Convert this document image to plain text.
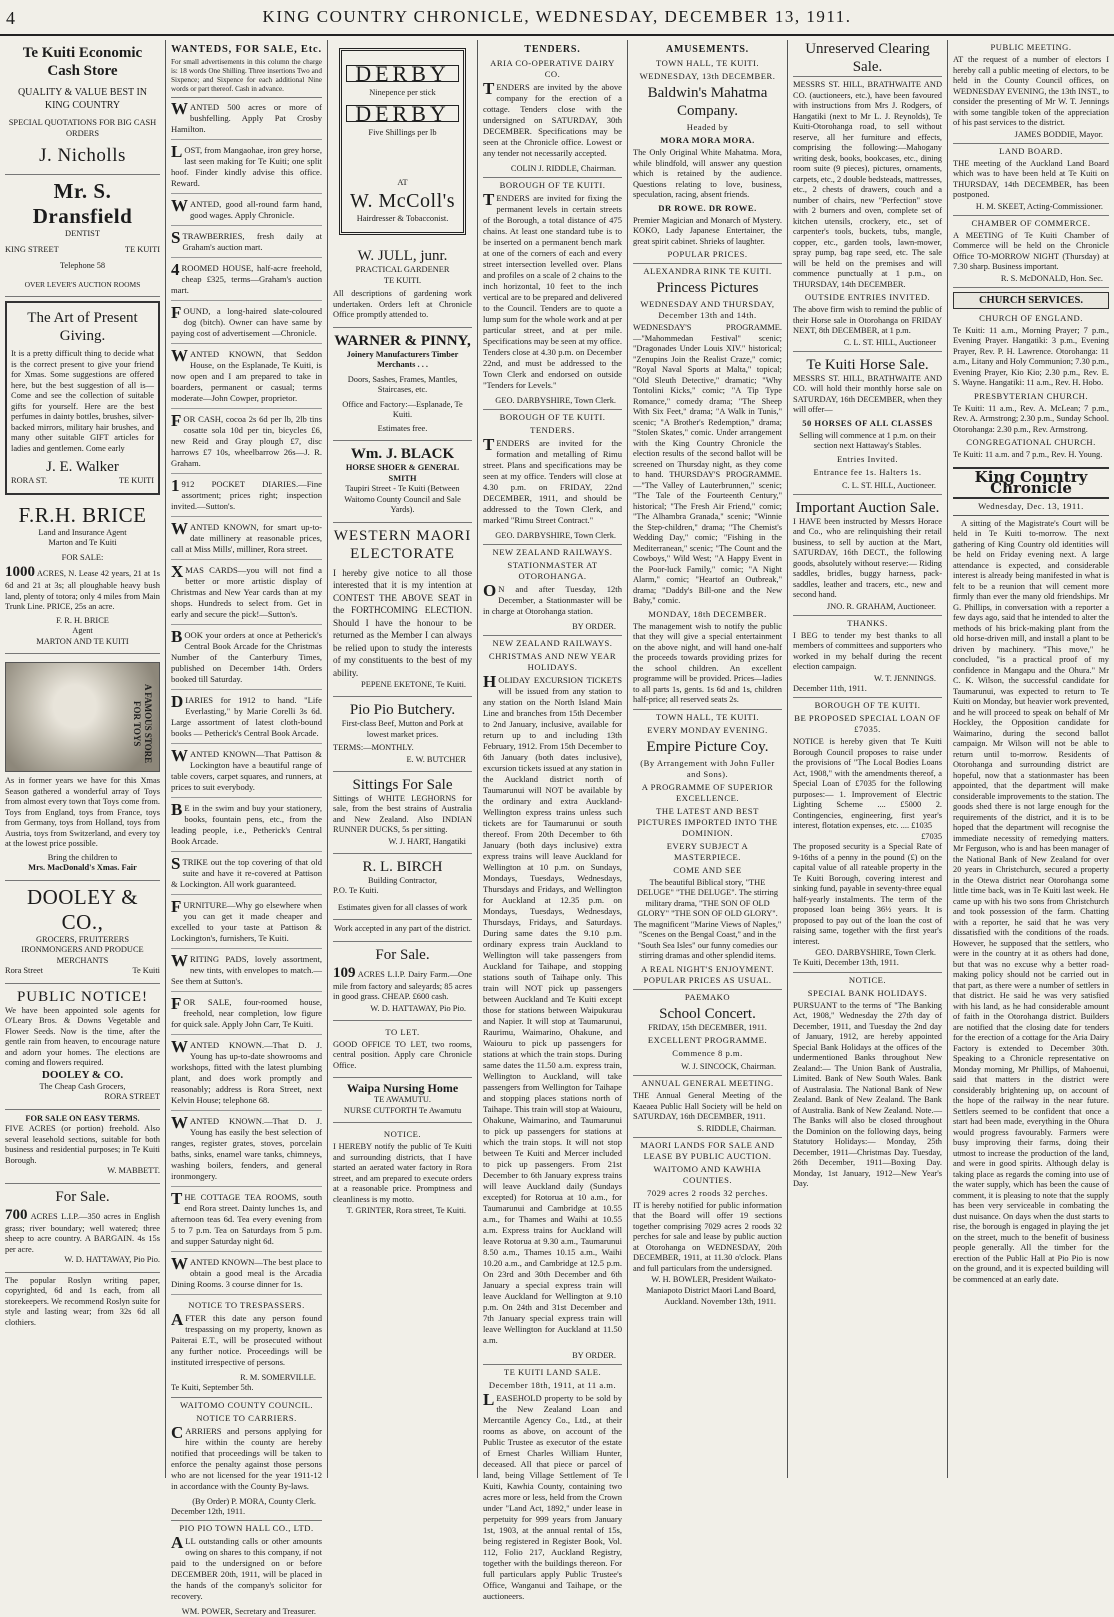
4	KING COUNTRY CHRONICLE, WEDNESDAY, DECEMBER 13, 1911.
Te Kuiti Economic Cash Store
QUALITY & VALUE BEST IN KING COUNTRY
SPECIAL QUOTATIONS FOR BIG CASH ORDERS
J. Nicholls
Mr. S. Dransfield
DENTIST
KING STREET	TE KUITI
Telephone 58
OVER LEVER'S AUCTION ROOMS
The Art of Present Giving.
It is a pretty difficult thing to decide what is the correct present to give your friend for Xmas. Some suggestions are offered here, but the best suggestion of all is—Come and see the collection of suitable gifts for yourself. Here are the best perfumes in dainty bottles, brushes, silver-backed mirrors, military hair brushes, and many other suitable GIFT articles for ladies and gentlemen. Come early
J. E. Walker
RORA ST.	TE KUITI
F.R.H. BRICE
Land and Insurance Agent
Marton and Te Kuiti
FOR SALE:
1000 ACRES, N. Lease 42 years, 21 at 1s 6d and 21 at 3s; all ploughable heavy bush land, plenty of totora; only 4 miles from Main Trunk Line. PRICE, 25s an acre.
F. R. H. BRICE
Agent
MARTON AND TE KUITI
A FAMOUS STORE FOR TOYS
As in former years we have for this Xmas Season gathered a wonderful array of Toys from almost every town that Toys come from. Toys from England, toys from France, toys from Germany, toys from Holland, toys from Austria, toys from Switzerland, and every toy at the lowest price possible.
Bring the children to
Mrs. MacDonald's Xmas. Fair
DOOLEY & CO.,
GROCERS, FRUITERERS IRONMONGERS AND PRODUCE MERCHANTS
Rora Street	Te Kuiti
PUBLIC NOTICE!
We have been appointed sole agents for O'Leary Bros. & Downs Vegetable and Flower Seeds. Now is the time, after the gentle rain from heaven, to encourage nature and adorn your homes. The elections are coming and flowers required.
DOOLEY & CO.
The Cheap Cash Grocers,
RORA STREET
FOR SALE ON EASY TERMS.
FIVE ACRES (or portion) freehold. Also several leasehold sections, suitable for both business and residential purposes; in Te Kuiti Borough.
W. MABBETT.
For Sale.
700 ACRES L.I.P.—350 acres in English grass; river boundary; well watered; three sheep to acre country. A BARGAIN. 4s 15s per acre.
W. D. HATTAWAY, Pio Pio.
The popular Roslyn writing paper, copyrighted, 6d and 1s each, from all storekeepers. We recommend Roslyn suite for style and lasting wear; from 32s 6d all clothiers.
WANTEDS, FOR SALE, Etc.
For small advertisements in this column the charge is: 18 words One Shilling. Three insertions Two and Sixpence; and Sixpence for each additional Nine words or part thereof. Cash in advance.
WANTED 500 acres or more of bushfelling. Apply Pat Crosby Hamilton.
LOST, from Mangaohae, iron grey horse, last seen making for Te Kuiti; one split hoof. Finder kindly advise this office. Reward.
WANTED, good all-round farm hand, good wages. Apply Chronicle.
STRAWBERRIES, fresh daily at Graham's auction mart.
4ROOMED HOUSE, half-acre freehold, cheap £325, terms—Graham's auction mart.
FOUND, a long-haired slate-coloured dog (bitch). Owner can have same by paying cost of advertisement —Chronicle.
WANTED KNOWN, that Seddon House, on the Esplanade, Te Kuiti, is now open and I am prepared to take in boarders, permanent or casual; terms moderate—John Cowper, proprietor.
FOR CASH, cocoa 2s 6d per lb, 2lb tins cosatte sola 10d per tin, bicycles £6, new Reid and Gray plough £7, disc harrows £7 10s, wheelbarrow 26s—J. R. Graham.
1912 POCKET DIARIES.—Fine assortment; prices right; inspection invited.—Sutton's.
WANTED KNOWN, for smart up-to-date millinery at reasonable prices, call at Miss Mills', milliner, Rora street.
XMAS CARDS—you will not find a better or more artistic display of Christmas and New Year cards than at my shops. Hundreds to select from. Get in early and secure the pick!—Sutton's.
BOOK your orders at once at Petherick's Central Book Arcade for the Christmas Number of the Canterbury Times, published on December 14th. Orders booked till Saturday.
DIARIES for 1912 to hand. "Life Everlasting," by Marie Corelli 3s 6d. Large assortment of latest cloth-bound books — Petherick's Central Book Arcade.
WANTED KNOWN—That Pattison & Lockington have a beautiful range of table covers, carpet squares, and runners, at prices to suit everybody.
BE in the swim and buy your stationery, books, fountain pens, etc., from the leading people, i.e., Petherick's Central Book Arcade.
STRIKE out the top covering of that old suite and have it re-covered at Pattison & Lockington. All work guaranteed.
FURNITURE—Why go elsewhere when you can get it made cheaper and excelled to your taste at Pattison & Lockington's, furnishers, Te Kuiti.
WRITING PADS, lovely assortment, new tints, with envelopes to match.—See them at Sutton's.
FOR SALE, four-roomed house, freehold, near completion, low figure for quick sale. Apply John Carr, Te Kuiti.
WANTED KNOWN.—That D. J. Young has up-to-date showrooms and workshops, fitted with the latest plumbing plant, and does work promptly and reasonably; address is Rora Street, next Kelvin House; telephone 68.
WANTED KNOWN.—That D. J. Young has easily the best selection of ranges, register grates, stoves, porcelain baths, sinks, enamel ware tanks, chimneys, washing boilers, fenders, and general ironmongery.
THE COTTAGE TEA ROOMS, south end Rora street. Dainty lunches 1s, and afternoon teas 6d. Tea every evening from 5 to 7 p.m. Tea on Saturdays from 5 p.m. and supper Saturday night 6d.
WANTED KNOWN—The best place to obtain a good meal is the Arcadia Dining Rooms. 3 course dinner for 1s.
NOTICE TO TRESPASSERS.
AFTER this date any person found trespassing on my property, known as Paiterai E.T., will be prosecuted without any further notice. Proceedings will be instituted irrespective of persons.
R. M. SOMERVILLE.
Te Kuiti, September 5th.
WAITOMO COUNTY COUNCIL.
NOTICE TO CARRIERS.
CARRIERS and persons applying for hire within the county are hereby notified that proceedings will be taken to enforce the penalty against those persons who are not licensed for the year 1911-12 in accordance with the County By-laws.
(By Order) P. MORA, County Clerk.
December 12th, 1911.
PIO PIO TOWN HALL CO., LTD.
ALL outstanding calls or other amounts owing on shares to this company, if not paid to the undersigned on or before DECEMBER 20th, 1911, will be placed in the hands of the company's solicitor for recovery.
WM. POWER, Secretary and Treasurer.
DERBY
Ninepence per stick
DERBY
Five Shillings per lb
AT
W. McColl's
Hairdresser & Tobacconist.
W. JULL, junr.
PRACTICAL GARDENER
TE KUITI.
All descriptions of gardening work undertaken. Orders left at Chronicle Office promptly attended to.
WARNER & PINNY,
Joinery Manufacturers Timber Merchants . . .
Doors, Sashes, Frames, Mantles, Staircases, etc.
Office and Factory:—Esplanade, Te Kuiti.
Estimates free.
Wm. J. BLACK
HORSE SHOER & GENERAL SMITH
Taupiri Street - Te Kuiti (Between Waitomo County Council and Sale Yards).
WESTERN MAORI ELECTORATE
I hereby give notice to all those interested that it is my intention at CONTEST THE ABOVE SEAT in the FORTHCOMING ELECTION. Should I have the honour to be returned as the Member I can always be relied upon to study the interests of my constituents to the best of my ability.
PEPENE EKETONE, Te Kuiti.
Pio Pio Butchery.
First-class Beef, Mutton and Pork at lowest market prices.
TERMS:—MONTHLY.
E. W. BUTCHER
Sittings For Sale
Sittings of WHITE LEGHORNS for sale, from the best strains of Australia and New Zealand. Also INDIAN RUNNER DUCKS, 5s per sitting.
W. J. HART, Hangatiki
R. L. BIRCH
Building Contractor,
P.O. Te Kuiti.
Estimates given for all classes of work
Work accepted in any part of the district.
For Sale.
109 ACRES L.I.P. Dairy Farm.—One mile from factory and saleyards; 85 acres in good grass. CHEAP. £600 cash.
W. D. HATTAWAY, Pio Pio.
TO LET.
GOOD OFFICE TO LET, two rooms, central position. Apply care Chronicle Office.
Waipa Nursing Home
TE AWAMUTU.
NURSE CUTFORTH Te Awamutu
NOTICE.
I HEREBY notify the public of Te Kuiti and surrounding districts, that I have started an aerated water factory in Rora street, and am prepared to execute orders at a reasonable price. Promptness and cleanliness is my motto.
T. GRINTER, Rora street, Te Kuiti.
TENDERS.
ARIA CO-OPERATIVE DAIRY CO.
TENDERS are invited by the above company for the erection of a cottage. Tenders close with the undersigned on SATURDAY, 30th DECEMBER. Specifications may be seen at the Chronicle office. Lowest or any tender not necessarily accepted.
COLIN J. RIDDLE, Chairman.
BOROUGH OF TE KUITI.
TENDERS are invited for fixing the permanent levels in certain streets of the Borough, a total distance of 475 chains. At least one standard tube is to be inserted on a permanent bench mark at one of the corners of each and every street intersection levelled over. Plans and profiles on a scale of 2 chains to the inch horizontal, 10 feet to the inch vertical are to be prepared and delivered to the Council. Tenders are to quote a lump sum for the whole work and at per particular street, and at per mile. Specifications may be seen at my office. Tenders close at 4.30 p.m. on December 22nd, and must be addressed to the Town Clerk and endorsed on outside "Tenders for Levels."
GEO. DARBYSHIRE, Town Clerk.
BOROUGH OF TE KUITI.
TENDERS.
TENDERS are invited for the formation and metalling of Rimu street. Plans and specifications may be seen at my office. Tenders will close at 4.30 p.m. on FRIDAY, 22nd DECEMBER, 1911, and should be addressed to the Town Clerk, and marked "Rimu Street Contract."
GEO. DARBYSHIRE, Town Clerk.
NEW ZEALAND RAILWAYS.
STATIONMASTER AT OTOROHANGA.
ON and after Tuesday, 12th December, a Stationmaster will be in charge at Otorohanga station.
BY ORDER.
NEW ZEALAND RAILWAYS.
CHRISTMAS AND NEW YEAR HOLIDAYS.
HOLIDAY EXCURSION TICKETS will be issued from any station to any station on the North Island Main Line and branches from 15th December to 2nd January, inclusive, available for return up to and including 13th February, 1912. From 15th December to 6th January (both dates inclusive), excursion tickets issued at any station in the Auckland district north of Taumarunui will NOT be available by the ordinary and extra Auckland-Wellington express trains unless such tickets are for Taumarunui or south thereof. From 20th December to 6th January (both days inclusive) extra express trains will leave Auckland for Wellington at 10 p.m. on Sundays, Mondays, Tuesdays, Wednesdays, Thursdays and Fridays, and Wellington for Auckland at 12.35 p.m. on Mondays, Tuesdays, Wednesdays, Thursdays, Fridays, and Saturdays. During same dates the 9.10 p.m. ordinary express train Auckland to Wellington will take passengers from Auckland for Taihape, and stopping stations south of Taihape only. This train will NOT pick up passengers between Auckland and Te Kuiti except those for stations between Waipukurau and Napier. It will stop at Taumarunui, Raurimu, Waimarino, Ohakune, and Waiouru to pick up passengers for stations at which the train stops. During same dates the 11.50 a.m. express train, Wellington to Auckland, will take passengers from Wellington for Taihape and stopping places stations north of Taihape. This train will stop at Waiouru, Ohakune, Waimarino, and Taumarunui to pick up passengers for stations at which the train stops. It will not stop between Te Kuiti and Mercer included to pick up passengers. From 21st December to 6th January express trains will leave Auckland daily (Sundays excepted) for Rotorua at 10 a.m., for Taumarunui and Cambridge at 10.55 a.m., for Thames and Waihi at 10.55 a.m. Express trains for Auckland will leave Rotorua at 9.30 a.m., Taumarunui 8.50 a.m., Thames 10.15 a.m., Waihi 10.20 a.m., and Cambridge at 12.5 p.m. On 23rd and 30th December and 6th January a special express train will leave Auckland for Wellington at 9.10 p.m. On 24th and 31st December and 7th January special express train will leave Wellington for Auckland at 11.50 a.m.
BY ORDER.
TE KUITI LAND SALE.
December 18th, 1911, at 11 a.m.
LEASEHOLD property to be sold by the New Zealand Loan and Mercantile Agency Co., Ltd., at their rooms as above, on account of the Public Trustee as executor of the estate of Ernest Charles William Hunter, deceased. All that piece or parcel of land, being Village Settlement of Te Kuiti, Kawhia County, containing two acres more or less, held from the Crown under "Land Act, 1892," under lease in perpetuity for 999 years from January 1st, 1903, at the annual rental of 15s, being registered in Register Book, Vol. 112, Folio 217, Auckland Registry, together with the buildings thereon. For full particulars apply Public Trustee's Office, Wanganui and Taihape, or the auctioneers.
AMUSEMENTS.
TOWN HALL, TE KUITI.
WEDNESDAY, 13th DECEMBER.
Baldwin's Mahatma Company.
Headed by
MORA MORA MORA.
The Only Original White Mahatma. Mora, while blindfold, will answer any question which is retained by the audience. Questions relating to love, business, speculation, racing, absent friends.
DR ROWE. DR ROWE.
Premier Magician and Monarch of Mystery. KOKO, Lady Japanese Entertainer, the great spirit cabinet. Shrieks of laughter.
POPULAR PRICES.
ALEXANDRA RINK TE KUITI.
Princess Pictures
WEDNESDAY AND THURSDAY, December 13th and 14th.
WEDNESDAY'S PROGRAMME.—"Mahommedan Festival" scenic; "Dragonades Under Louis XIV." historical; "Zenupins Join the Realist Craze," comic; "Royal Naval Sports at Malta," topical; "Old Sleuth Detective," dramatic; "Why Tontolini Kicks," comic; "A Tip Type Romance," comedy drama; "The Sheep With Six Feet," drama; "A Walk in Tunis," scenic; "A Brother's Redemption," drama; "Stolen Skates," comic. Under arrangement with the King Country Chronicle the election results of the second ballot will be screened on Thursday night, as they come to hand. THURSDAY'S PROGRAMME.—"The Valley of Lauterbrunnen," scenic; "The Tale of the Fourteenth Century," historical; "The Fresh Air Friend," comic; "The Alhambra Granada," scenic; "Winnie the Step-children," drama; "The Chemist's Wedding Day," comic; "Fishing in the Mediterranean," scenic; "The Count and the Cowboys," Wild West; "A Happy Event in the Poor-luck Family," comic; "A Night Alarm," comic; "Heartof an Outbreak," drama; "Daddy's Bill-one and the New Baby," comic.
MONDAY, 18th DECEMBER.
The management wish to notify the public that they will give a special entertainment on the above night, and will hand one-half the proceeds towards providing prizes for the school children. An excellent programme will be provided. Prices—ladies to all parts 1s, gents. 1s 6d and 1s, children half-price; all reserved seats 2s.
TOWN HALL, TE KUITI.
EVERY MONDAY EVENING.
Empire Picture Coy.
(By Arrangement with John Fuller and Sons).
A PROGRAMME OF SUPERIOR EXCELLENCE.
THE LATEST AND BEST PICTURES IMPORTED INTO THE DOMINION.
EVERY SUBJECT A MASTERPIECE.
COME AND SEE
The beautiful Biblical story, "THE DELUGE" "THE DELUGE". The stirring military drama, "THE SON OF OLD GLORY" "THE SON OF OLD GLORY". The magnificent "Marine Views of Naples," "Scenes on the Bengal Coast," and in the "South Sea Isles" our funny comedies our stirring dramas and other splendid items.
A REAL NIGHT'S ENJOYMENT. POPULAR PRICES AS USUAL.
PAEMAKO
School Concert.
FRIDAY, 15th DECEMBER, 1911.
EXCELLENT PROGRAMME.
Commence 8 p.m.
W. J. SINCOCK, Chairman.
ANNUAL GENERAL MEETING.
THE Annual General Meeting of the Kaeaea Public Hall Society will be held on SATURDAY, 16th DECEMBER, 1911.
S. RIDDLE, Chairman.
MAORI LANDS FOR SALE AND LEASE BY PUBLIC AUCTION.
WAITOMO AND KAWHIA COUNTIES.
7029 acres 2 roods 32 perches.
IT is hereby notified for public information that the Board will offer 19 sections together comprising 7029 acres 2 roods 32 perches for sale and lease by public auction at Otorohanga on WEDNESDAY, 20th DECEMBER, 1911, at 11.30 o'clock. Plans and full particulars from the undersigned.
W. H. BOWLER, President Waikato-Maniapoto District Maori Land Board, Auckland. November 13th, 1911.
Unreserved Clearing Sale.
MESSRS ST. HILL, BRATHWAITE AND CO. (auctioneers, etc.), have been favoured with instructions from Mrs J. Rodgers, of Hangatiki (next to Mr L. J. Reynolds), Te Kuiti-Otorohanga road, to sell without reserve, all her furniture and effects, comprising the following:—Mahogany writing desk, books, bookcases, etc., dining room suite (9 pieces), pictures, ornaments, carpets, etc., 2 double bedsteads, mattresses, etc., 2 chests of drawers, couch and a number of chairs, new "Perfection" stove with 2 burners and oven, complete set of kitchen utensils, crockery, etc., set of carpenter's tools, buckets, tubs, mangle, copper, etc., garden tools, lawn-mower, spray pump, bag rape seed, etc. The sale will be held on the premises and will commence punctually at 1 p.m., on THURSDAY, 14th DECEMBER.
OUTSIDE ENTRIES INVITED.
The above firm wish to remind the public of their Horse sale in Otorohanga on FRIDAY NEXT, 8th DECEMBER, at 1 p.m.
C. L. ST. HILL, Auctioneer
Te Kuiti Horse Sale.
MESSRS ST. HILL, BRATHWAITE AND CO. will hold their monthly horse sale on SATURDAY, 16th DECEMBER, when they will offer—
50 HORSES OF ALL CLASSES
Selling will commence at 1 p.m. on their section next Hattaway's Stables.
Entries Invited.
Entrance fee 1s. Halters 1s.
C. L. ST. HILL, Auctioneer.
Important Auction Sale.
I HAVE been instructed by Messrs Horace and Co., who are relinquishing their retail business, to sell by auction at the Mart, SATURDAY, 16th DECT., the following goods, absolutely without reserve:— Riding saddles, bridles, buggy harness, pack-saddles, leather and tracers, etc., new and second hand.
JNO. R. GRAHAM, Auctioneer.
THANKS.
I BEG to tender my best thanks to all members of committees and supporters who worked in my behalf during the recent election campaign.
W. T. JENNINGS.
December 11th, 1911.
BOROUGH OF TE KUITI.
BE PROPOSED SPECIAL LOAN OF £7035.
NOTICE is hereby given that Te Kuiti Borough Council proposes to raise under the provisions of "The Local Bodies Loans Act, 1908," with the amendments thereof, a Special Loan of £7035 for the following purposes:— 1. Improvement of Electric Lighting Scheme .... £5000 2. Contingencies, engineering, first year's interest, flotation expenses, etc. .... £1035
£7035
The proposed security is a Special Rate of 9-16ths of a penny in the pound (£) on the capital value of all rateable property in the Te Kuiti Borough, covering interest and sinking fund, payable in seventy-three equal half-yearly instalments. The term of the proposed loan being 36½ years. It is proposed to pay out of the loan the cost of raising same, together with the first year's interest.
GEO. DARBYSHIRE, Town Clerk.
Te Kuiti, December 13th, 1911.
NOTICE.
SPECIAL BANK HOLIDAYS.
PURSUANT to the terms of "The Banking Act, 1908," Wednesday the 27th day of December, 1911, and Tuesday the 2nd day of January, 1912, are hereby appointed Special Bank Holidays at the offices of the undermentioned Banks throughout New Zealand:— The Union Bank of Australia, Limited. Bank of New South Wales. Bank of Australasia. The National Bank of New Zealand. Bank of New Zealand. The Bank of Australia. Bank of New Zealand. Note.—The Banks will also be closed throughout the Dominion on the following days, being Statutory Holidays:— Monday, 25th December, 1911—Christmas Day. Tuesday, 26th December, 1911—Boxing Day. Monday, 1st January, 1912—New Year's Day.
PUBLIC MEETING.
AT the request of a number of electors I hereby call a public meeting of electors, to be held in the County Council offices, on WEDNESDAY EVENING, the 13th INST., to consider the presenting of Mr W. T. Jennings with some tangible token of the appreciation of his past services to the district.
JAMES BODDIE, Mayor.
LAND BOARD.
THE meeting of the Auckland Land Board which was to have been held at Te Kuiti on THURSDAY, 14th DECEMBER, has been postponed.
H. M. SKEET, Acting-Commissioner.
CHAMBER OF COMMERCE.
A MEETING of Te Kuiti Chamber of Commerce will be held on the Chronicle Office TO-MORROW NIGHT (Thursday) at 7.30 sharp. Business important.
R. S. McDONALD, Hon. Sec.
CHURCH SERVICES.
CHURCH OF ENGLAND.
Te Kuiti: 11 a.m., Morning Prayer; 7 p.m., Evening Prayer. Hangatiki: 3 p.m., Evening Prayer, Rev. P. H. Lawrence. Otorohanga: 11 a.m., Litany and Holy Communion; 7.30 p.m., Evening Prayer, Kio Kio; 2.30 p.m., Rev. E. S. Wayne. Hangatiki: 11 a.m., Rev. H. Hobo.
PRESBYTERIAN CHURCH.
Te Kuiti: 11 a.m., Rev. A. McLean; 7 p.m., Rev. A. Armstrong; 2.30 p.m., Sunday School. Otorohanga: 2.30 p.m., Rev. Armstrong.
CONGREGATIONAL CHURCH.
Te Kuiti: 11 a.m. and 7 p.m., Rev. H. Young.
King Country Chronicle
Wednesday, Dec. 13, 1911.
A sitting of the Magistrate's Court will be held in Te Kuiti to-morrow. The next gathering of King Country old identities will be held on Friday evening next. A large attendance is expected, and considerable interest is already being manifested in what is felt to be a reunion that will cement more firmly than ever the many old friendships. Mr G. Phillips, in conversation with a reporter a few days ago, said that he intended to alter the methods of his brick-making plant from the old horse-driven mill, and install a plant to be driven by machinery. "This move," he concluded, "is a practical proof of my confidence in Mangapu and the Ohura." Mr C. K. Wilson, the successful candidate for Taumarunui, was expected to return to Te Kuiti on Monday, but heavier work prevented, and he will proceed to speak on behalf of Mr Hockley, the Opposition candidate for Waimarino, during the second ballot campaign. Mr Wilson will not be able to return until to-morrow. Residents of Otorohanga and surrounding district are hopeful, now that a stationmaster has been appointed, that the department will make considerable improvements to the station. The goods shed there is not large enough for the requirements of the district, and it is to be hoped that the department will recognise the immediate necessity of remedying matters. Mr Ferguson, who is and has been manager of the National Bank of New Zealand for over 20 years in Christchurch, secured a property in the Otewa district near Otorohanga some little time back, was in Te Kuiti last week. He came up with his two sons from Christchurch and took possession of the farm. Chatting with a reporter, he said that he was very dissatisfied with the conditions of the roads. However, he supposed that the settlers, who were in the country at it as others had done, but that was no excuse why a better road-making policy should not be carried out in that part, as there were a number of settlers in that district. He said he was very satisfied with his land, as he had considerable amount of faith in the Otorohanga district. Builders are notified that the closing date for tenders for the erection of a cottage for the Aria Dairy Factory is extended to December 30th. Speaking to a Chronicle representative on Monday morning, Mr Phillips, of Mahoenui, said that matters in the district were considerably brightening up, on account of the hope of the railway in the near future. Settlers seemed to be confident that once a start had been made, everything in the Ohura would progress favourably. Farmers were busy improving their farms, doing their utmost to increase the production of the land, and were in good spirits. Although delay is taking place as regards the coming into use of the water supply, which has been the cause of comment, it is pleasing to note that the supply has been very serviceable in combating the dust nuisance. On days when the dust starts to rise, the borough is engaged in playing the jet on the street, much to the benefit of business people generally. All the timber for the erection of the Public Hall at Pio Pio is now on the ground, and it is expected building will be commenced at an early date.
